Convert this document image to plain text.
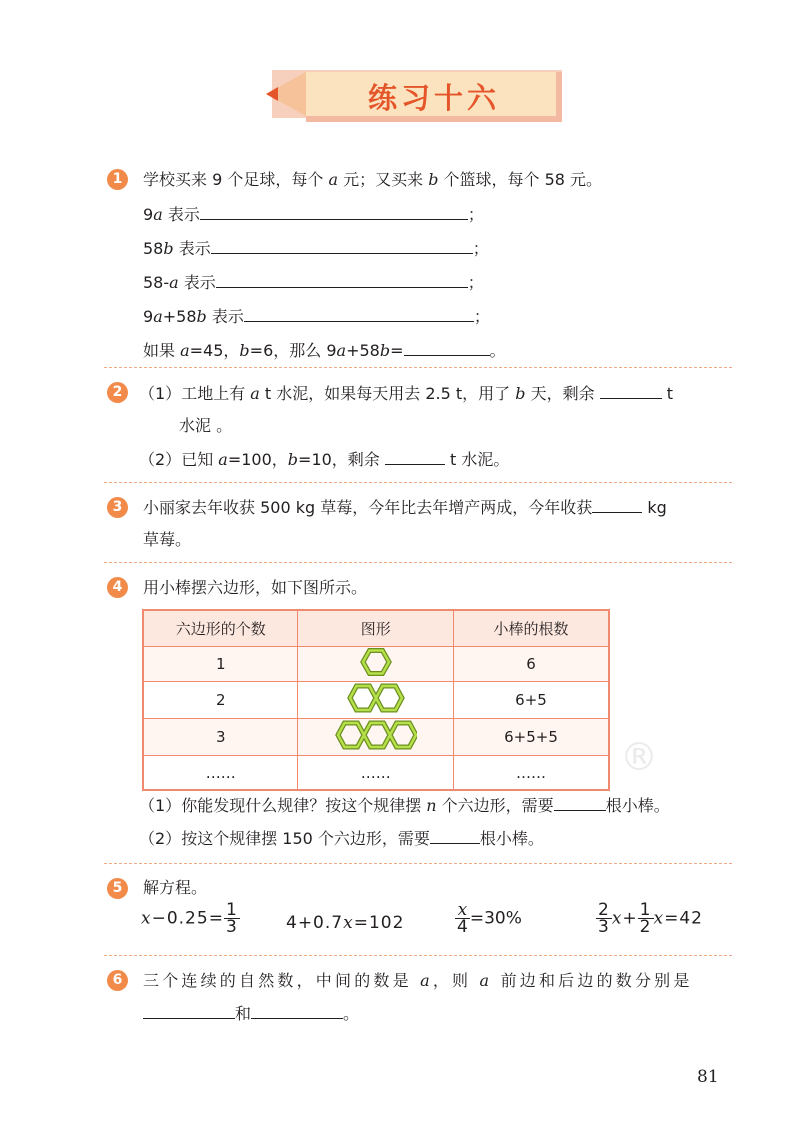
练习十六
1	学校买来 9 个足球，每个 a 元；又买来 b 个篮球，每个 58 元。
9a 表示	；
58b 表示	；
58-a 表示	；
9a+58b 表示	；
如果 a=45，b=6，那么 9a+58b=	。
2	（1）工地上有 a t 水泥，如果每天用去 2.5 t，用了 b 天，剩余	t
水泥 。
（2）已知 a=100，b=10，剩余	t 水泥。
3	小丽家去年收获 500 kg 草莓，今年比去年增产两成，今年收获	kg
草莓。
4	用小棒摆六边形，如下图所示。
六边形的个数	图形	小棒的根数
1		6
2		6+5
3		6+5+5
……	……	…… ®
（1）你能发现什么规律？按这个规律摆 n 个六边形，需要	根小棒。
（2）按这个规律摆 150 个六边形，需要	根小棒。
5	解方程。
$x-0.25= \frac{1}{3}$	4+0.7x=102	$\frac{x}{4} =30\%$	$\frac{2}{3} x+ \frac{1}{2} x=42$
6	三个连续的自然数，中间的数是 a，则 a 前边和后边的数分别是
和	。
81
